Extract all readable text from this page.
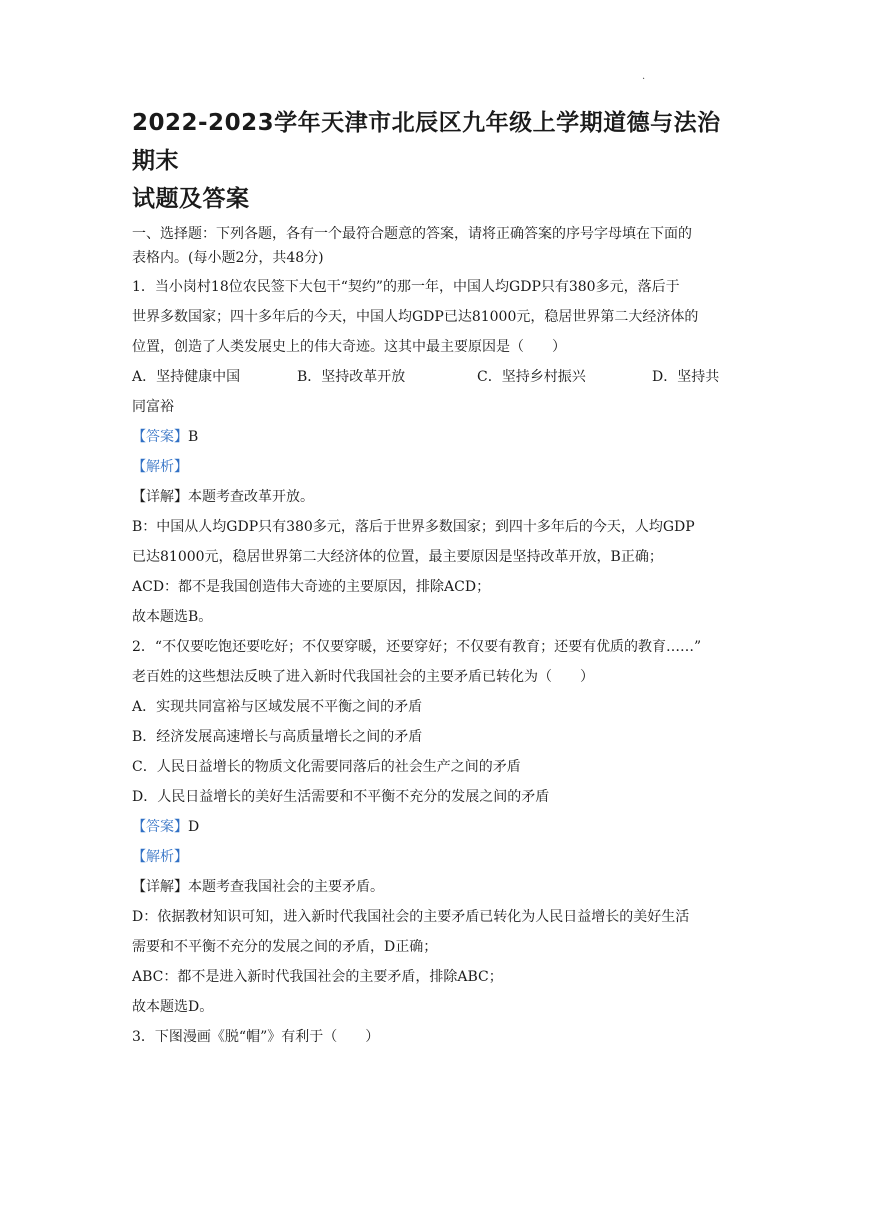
·
2022-2023学年天津市北辰区九年级上学期道德与法治期末
试题及答案

一、选择题：下列各题，各有一个最符合题意的答案，请将正确答案的序号字母填在下面的

表格内。(每小题2分，共48分)

1．当小岗村18位农民签下大包干“契约”的那一年，中国人均GDP只有380多元，落后于

世界多数国家；四十多年后的今天，中国人均GDP已达81000元，稳居世界第二大经济体的

位置，创造了人类发展史上的伟大奇迹。这其中最主要原因是（　　）

A．坚持健康中国	B．坚持改革开放	C．坚持乡村振兴	D．坚持共

同富裕

【答案】B

【解析】

【详解】本题考查改革开放。

B：中国从人均GDP只有380多元，落后于世界多数国家；到四十多年后的今天，人均GDP

已达81000元，稳居世界第二大经济体的位置，最主要原因是坚持改革开放，B正确；

ACD：都不是我国创造伟大奇迹的主要原因，排除ACD；

故本题选B。

2．“不仅要吃饱还要吃好；不仅要穿暖，还要穿好；不仅要有教育；还要有优质的教育……”

老百姓的这些想法反映了进入新时代我国社会的主要矛盾已转化为（　　）

A．实现共同富裕与区域发展不平衡之间的矛盾

B．经济发展高速增长与高质量增长之间的矛盾

C．人民日益增长的物质文化需要同落后的社会生产之间的矛盾

D．人民日益增长的美好生活需要和不平衡不充分的发展之间的矛盾

【答案】D

【解析】

【详解】本题考查我国社会的主要矛盾。

D：依据教材知识可知，进入新时代我国社会的主要矛盾已转化为人民日益增长的美好生活

需要和不平衡不充分的发展之间的矛盾，D正确；

ABC：都不是进入新时代我国社会的主要矛盾，排除ABC；

故本题选D。

3．下图漫画《脱“帽”》有利于（　　）
